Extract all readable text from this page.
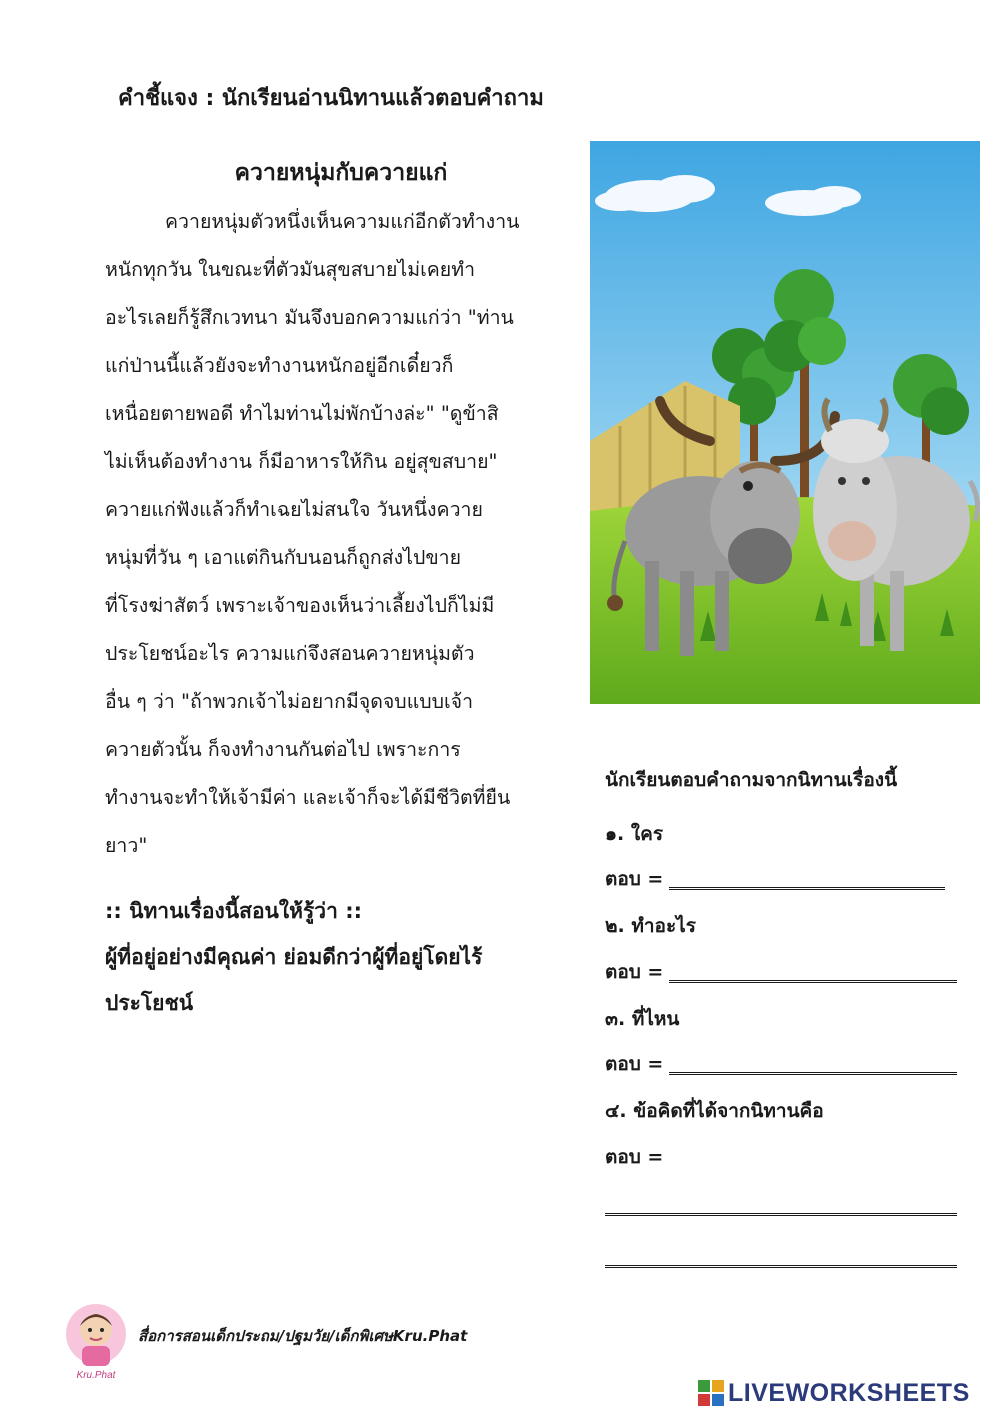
คำชี้แจง : นักเรียนอ่านนิทานแล้วตอบคำถาม
ควายหนุ่มกับควายแก่
ควายหนุ่มตัวหนึ่งเห็นความแก่อีกตัวทำงาน
หนักทุกวัน ในขณะที่ตัวมันสุขสบายไม่เคยทำ
อะไรเลยก็รู้สึกเวทนา มันจึงบอกความแก่ว่า "ท่าน
แก่ป่านนี้แล้วยังจะทำงานหนักอยู่อีกเดี๋ยวก็
เหนื่อยตายพอดี ทำไมท่านไม่พักบ้างล่ะ" "ดูข้าสิ
ไม่เห็นต้องทำงาน ก็มีอาหารให้กิน อยู่สุขสบาย"
ควายแก่ฟังแล้วก็ทำเฉยไม่สนใจ วันหนึ่งควาย
หนุ่มที่วัน ๆ เอาแต่กินกับนอนก็ถูกส่งไปขาย
ที่โรงฆ่าสัตว์ เพราะเจ้าของเห็นว่าเลี้ยงไปก็ไม่มี
ประโยชน์อะไร ความแก่จึงสอนควายหนุ่มตัว
อื่น ๆ ว่า "ถ้าพวกเจ้าไม่อยากมีจุดจบแบบเจ้า
ควายตัวนั้น ก็จงทำงานกันต่อไป เพราะการ
ทำงานจะทำให้เจ้ามีค่า และเจ้าก็จะได้มีชีวิตที่ยืน
ยาว"
:: นิทานเรื่องนี้สอนให้รู้ว่า ::
ผู้ที่อยู่อย่างมีคุณค่า ย่อมดีกว่าผู้ที่อยู่โดยไร้
ประโยชน์
นักเรียนตอบคำถามจากนิทานเรื่องนี้
๑. ใคร
ตอบ =
๒. ทำอะไร
ตอบ =
๓. ที่ไหน
ตอบ =
๔. ข้อคิดที่ได้จากนิทานคือ
ตอบ =
Kru.Phat
สื่อการสอนเด็กประถม/ปฐมวัย/เด็กพิเศษKru.Phat
LIVEWORKSHEETS
